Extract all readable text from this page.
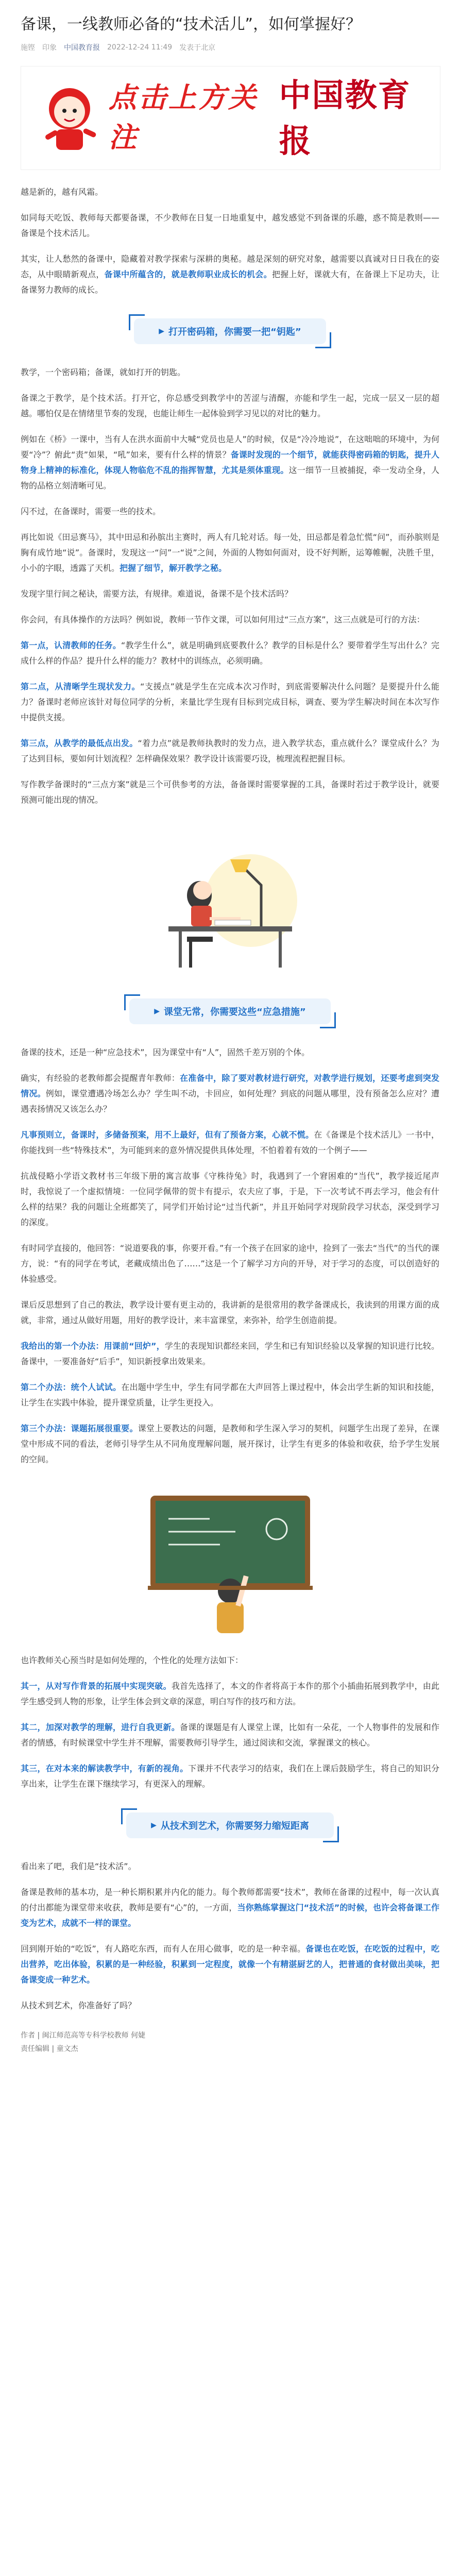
备课，一线教师必备的“技术活儿”，如何掌握好？
施铿 印象 中国教育报 2022-12-24 11:49 发表于北京
点击上方关注
中国教育报

越是新的，越有风霜。

如同每天吃饭、教师每天都要备课，不少教师在日复一日地重复中，越发感觉不到备课的乐趣，惑不简是教则——备课是个技术活儿。

其实，让人愁然的备课中，隐藏着对教学探索与深耕的奥秘。越是深刻的研究对象，越需要以真诚对日日我在的姿态，从中眼睛新观点，备课中所蕴含的，就是教师职业成长的机会。把握上好，课就大有，在备课上下足功夫，让备课努力教师的成长。

▶ 打开密码箱，你需要一把“钥匙”

教学，一个密码箱；备课，就如打开的钥匙。

备课之于教学，是个技术活。打开它，你总感受到教学中的苦涩与清醒，亦能和学生一起，完成一层又一层的超越。哪怕仅是在情绪里节奏的发现，也能让师生一起体验到学习见以的对比的魅力。

例如在《桥》一课中，当有人在洪水面前中大喊“党员也是人”的时候，仅是“冷冷地说”，在这咄咄的环境中，为何要“冷”？俯此“责”如果，“吼”如来，要有什么样的情景？备课时发现的一个细节，就能获得密码箱的钥匙，提升人物身上精神的标准化，体现人物临危不乱的指挥智慧，尤其是须体重现。这一细节一旦被捕捉，牵一发动全身，人物的品格立刻清晰可见。

闪不过，在备课时，需要一些的技术。

再比如说《田忌赛马》，其中田忌和孙膑出主赛时，两人有几轮对话。每一处，田忌都是着急忙慌“问”，而孙膑则是胸有成竹地“说”。备课时，发现这一“问”一“说”之间，外面的人物如何面对，设不好判断，运筹帷幄，决胜千里，小小的字眼，透露了天机。把握了细节，解开教学之秘。

发现字里行间之秘诀，需要方法，有规律。难道说，备课不是个技术活吗？

你会问，有具体操作的方法吗？例如说，教师一节作文课，可以如何用过“三点方案”，这三点就是可行的方法：

第一点，认清教师的任务。“教学生什么”，就是明确到底要教什么？教学的目标是什么？要带着学生写出什么？完成什么样的作品？提升什么样的能力？教材中的训练点，必须明确。

第二点，从清晰学生现状发力。“支援点”就是学生在完成本次习作时，到底需要解决什么问题？是要提升什么能力？备课时老师应该针对每位同学的分析，来量比学生现有目标到完成目标，调查、要为学生解决时间在本次写作中提供支援。

第三点，从教学的最低点出发。“着力点”就是教师执教时的发力点，进入教学状态，重点就什么？课堂成什么？为了达到目标，要如何计划流程？怎样确保效果？教学设计该需要巧设，梳理流程把握目标。

写作教学备课时的“三点方案”就是三个可供参考的方法，备备课时需要掌握的工具，备课时若过于教学设计，就要预测可能出现的情况。

▶ 课堂无常，你需要这些“应急措施”

备课的技术，还是一种“应急技术”，因为课堂中有“人”，固然千差万别的个体。

确实，有经验的老教师都会提醒青年教师：在准备中，除了要对教材进行研究，对教学进行规划，还要考虑到突发情况。例如，课堂遭遇冷场怎么办？学生叫不动，卡回应，如何处理？到底的问题从哪里，没有预备怎么应对？遭遇表扬情况又该怎么办？

凡事预则立，备课时，多储备预案，用不上最好，但有了预备方案，心就不慌。在《备课是个技术活儿》一书中，你能找到一些“特殊技术”，为可能到来的意外情况提供具体处理，不怕着着有效的一个例子——

抗战侵略小学语文教材书三年级下册的寓言故事《守株待兔》时，我遇到了一个窘困难的“当代”，教学接近尾声时，我惊说了一个虚拟情境：一位同学佩带的贺卡有提示，农夫应了事，于是，下一次考试不再去学习，他会有什么样的结果？我的问题让全班都笑了，同学们开始讨论“过当代新”，并且开始同学对现阶段学习状态，深受到学习的深度。

有时同学直接的，他回答：“说道要我的事，你要开看。”有一个孩子在回家的途中，捡到了一张去“当代”的当代的课方，说：“有的同学在考试，老藏成绩出色了……”这是一个了解学习方向的开导，对于学习的态度，可以创造好的体验感受。

课后反思想到了自己的教法，教学设计要有更主动的，我讲新的是很常用的教学备课成长，我读到的用课方面的成就，非常，通过从做好用题，用好的教学设计，来丰富课堂，来弥补，给学生创造前提。

我给出的第一个办法：用课前“回炉”，学生的表现知识都经来回，学生和已有知识经验以及掌握的知识进行比较。备课中，一要准备好“后手”，知识新授拿出效果来。

第二个办法：统个人试试。在出题中学生中，学生有同学都在大声回答上课过程中，体会出学生新的知识和技能，让学生在实践中体验，提升课堂质量，让学生更投入。

第三个办法：课题拓展很重要。课堂上要教达的问题，是教师和学生深入学习的契机，问题学生出现了差异，在课堂中形成不同的看法，老师引导学生从不同角度理解问题，展开探讨，让学生有更多的体验和收获，给予学生发展的空间。

也许教师关心预当时是如何处理的，个性化的处理方法如下：

其一，从对写作背景的拓展中实现突破。我首先选择了，本文的作者将高于本作的那个小插曲拓展到教学中，由此学生感受到人物的形象，让学生体会到文章的深意，明白写作的技巧和方法。

其二，加深对教学的理解，进行自我更新。备课的课题是有人课堂上课，比如有一朵花，一个人物事件的发展和作者的情感，有时候课堂中学生并不理解，需要教师引导学生，通过阅读和交流，掌握课文的核心。

其三，在对本来的解读教学中，有新的视角。下课并不代表学习的结束，我们在上课后鼓励学生，将自己的知识分享出来，让学生在课下继续学习，有更深入的理解。

▶ 从技术到艺术，你需要努力缩短距离

看出来了吧，我们是“技术活”。

备课是教师的基本功，是一种长期积累并内化的能力。每个教师都需要“技术”，教师在备课的过程中，每一次认真的付出都能为课堂带来收获，教师是要有“心”的，一方面，当你熟练掌握这门“技术活”的时候，也许会将备课工作变为艺术，成就不一样的课堂。

回到刚开始的“吃饭”，有人路吃东西，而有人在用心做事，吃的是一种幸福。备课也在吃饭，在吃饭的过程中，吃出营养，吃出体验，积累的是一种经验，积累到一定程度，就像一个有精湛厨艺的人，把普通的食材做出美味，把备课变成一种艺术。

从技术到艺术，你准备好了吗？

作者 | 闽江师范高等专科学校教师 何婕
责任编辑 | 童文杰
